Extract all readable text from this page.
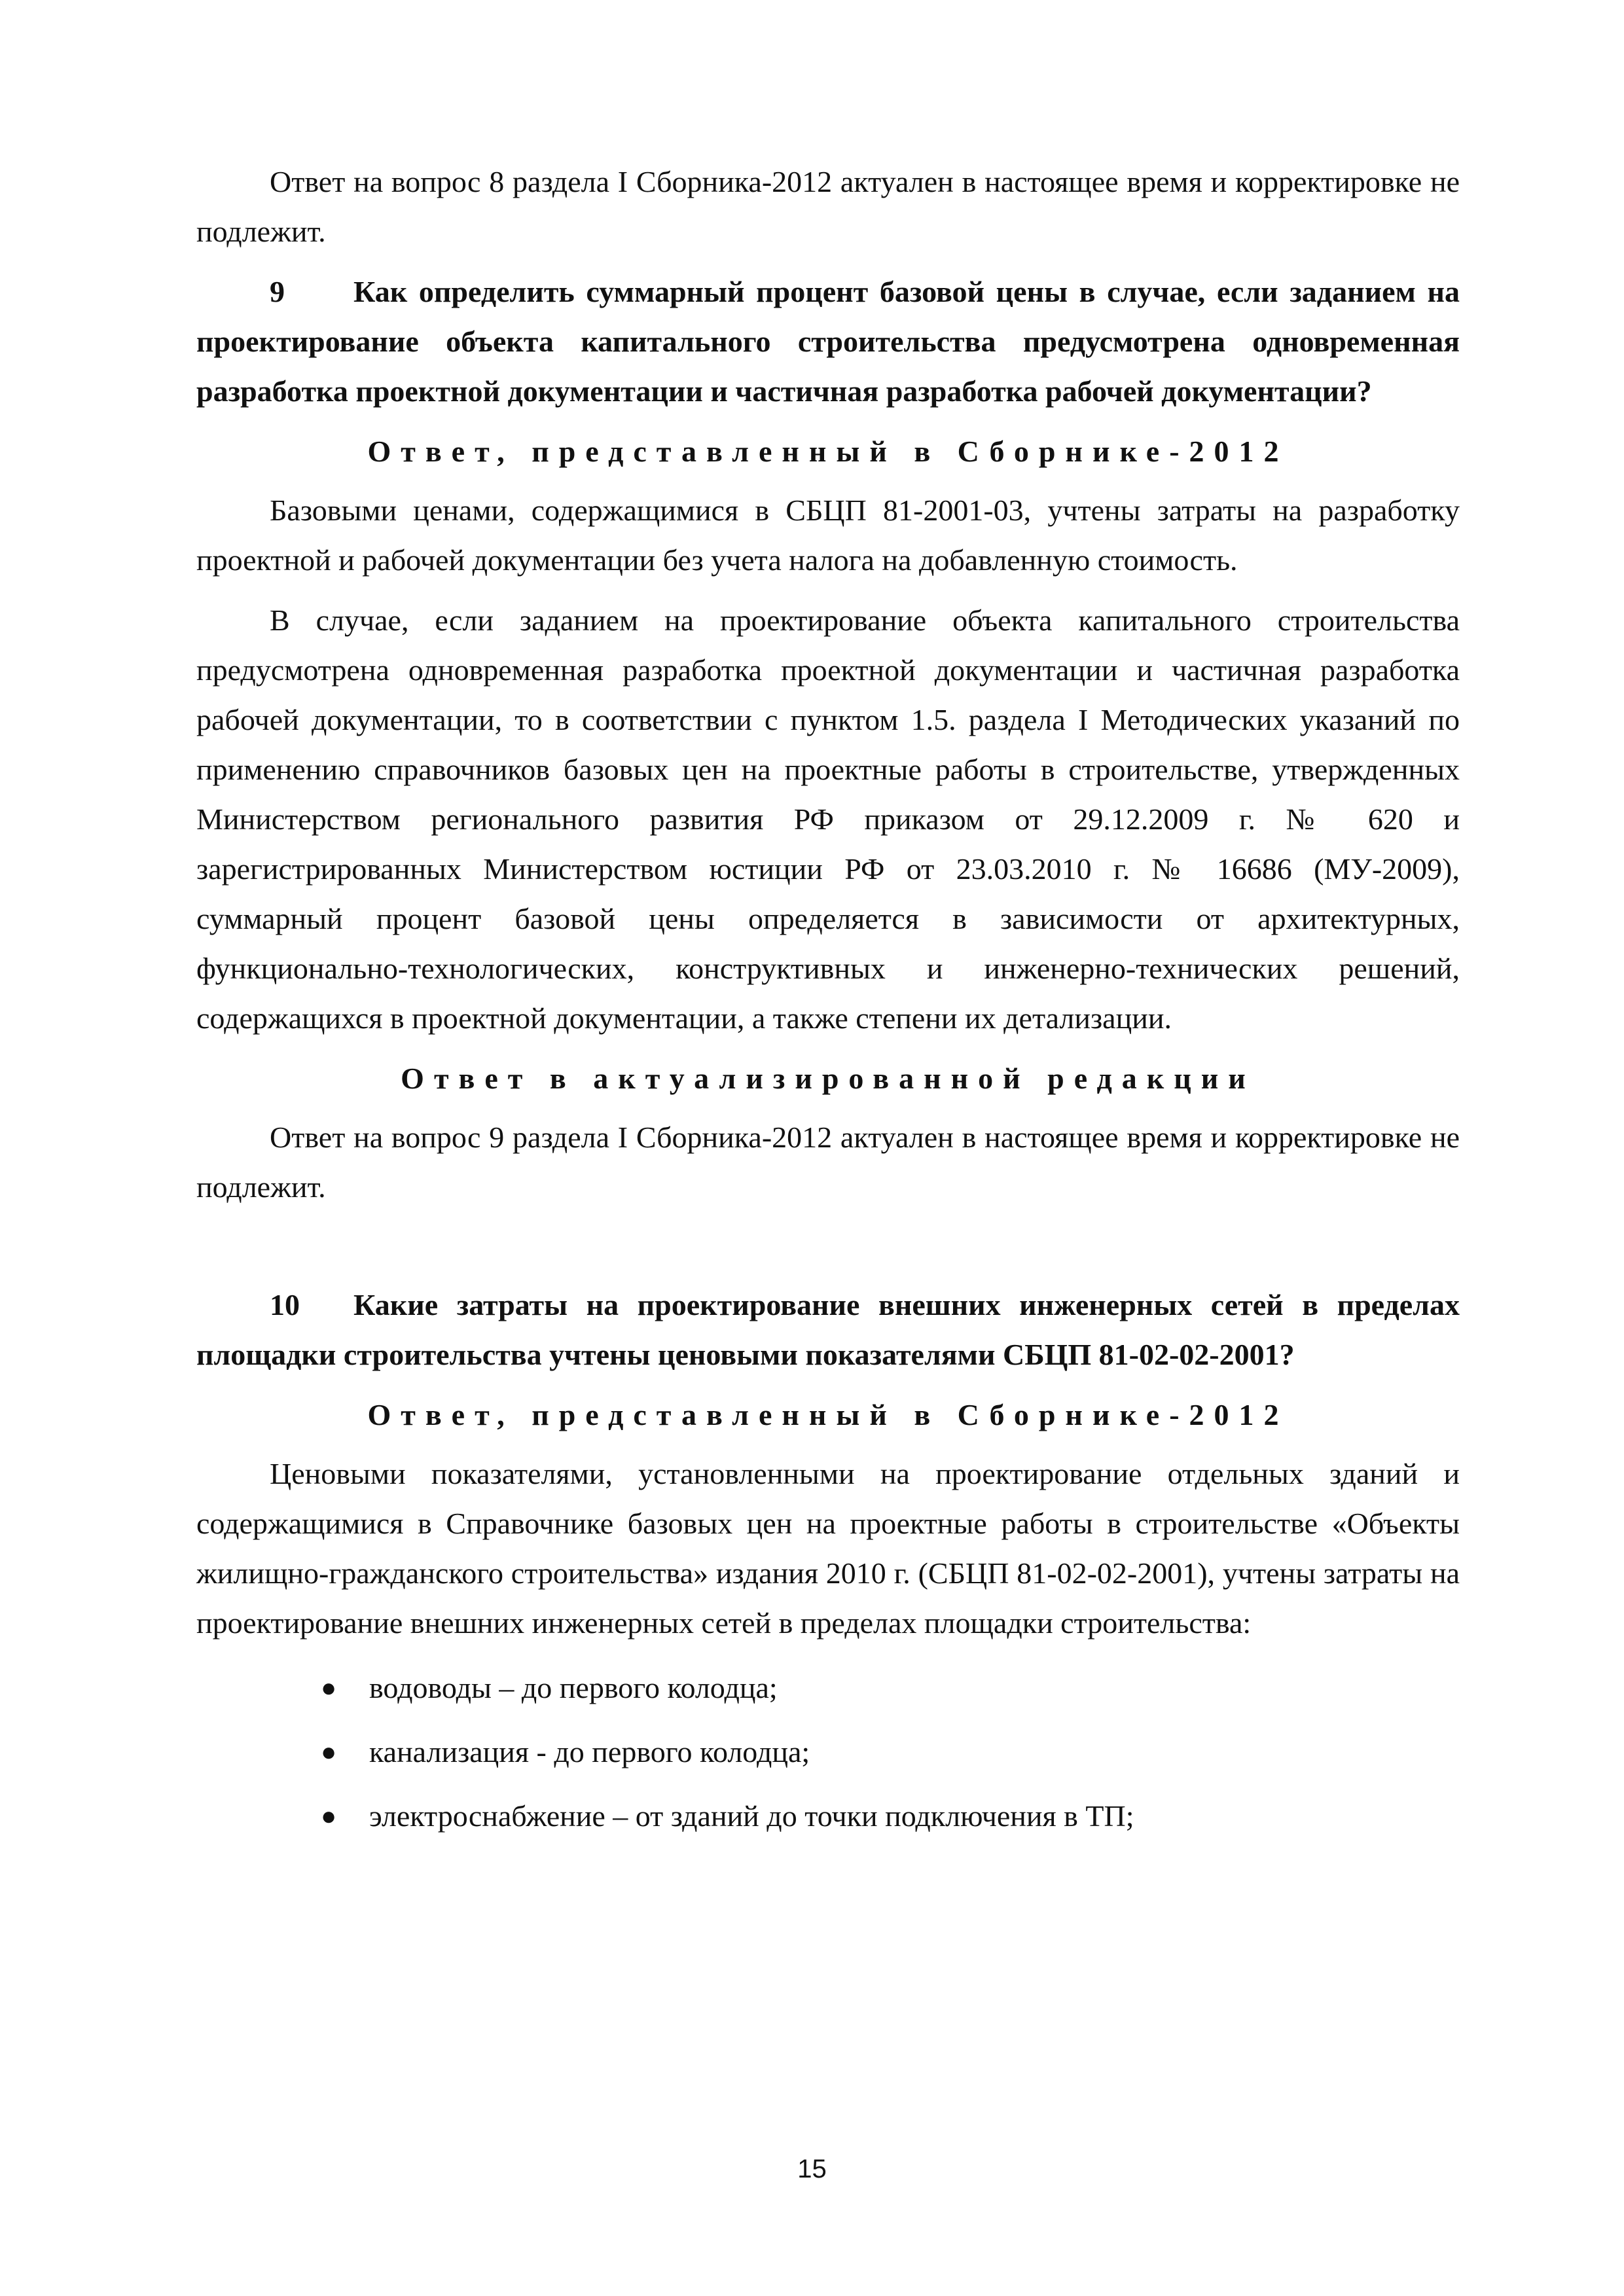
Ответ на вопрос 8 раздела I Сборника-2012 актуален в настоящее время и корректировке не подлежит.

9 Как определить суммарный процент базовой цены в случае, если заданием на проектирование объекта капитального строительства предусмотрена одновременная разработка проектной документации и частичная разработка рабочей документации?

Ответ, представленный в Сборнике-2012

Базовыми ценами, содержащимися в СБЦП 81-2001-03, учтены затраты на разработку проектной и рабочей документации без учета налога на добавленную стоимость.

В случае, если заданием на проектирование объекта капитального строительства предусмотрена одновременная разработка проектной документации и частичная разработка рабочей документации, то в соответствии с пунктом 1.5. раздела I Методических указаний по применению справочников базовых цен на проектные работы в строительстве, утвержденных Министерством регионального развития РФ приказом от 29.12.2009 г. № 620 и зарегистрированных Министерством юстиции РФ от 23.03.2010 г. № 16686 (МУ-2009), суммарный процент базовой цены определяется в зависимости от архитектурных, функционально-технологических, конструктивных и инженерно-технических решений, содержащихся в проектной документации, а также степени их детализации.

Ответ в актуализированной редакции

Ответ на вопрос 9 раздела I Сборника-2012 актуален в настоящее время и корректировке не подлежит.

10 Какие затраты на проектирование внешних инженерных сетей в пределах площадки строительства учтены ценовыми показателями СБЦП 81-02-02-2001?

Ответ, представленный в Сборнике-2012

Ценовыми показателями, установленными на проектирование отдельных зданий и содержащимися в Справочнике базовых цен на проектные работы в строительстве «Объекты жилищно-гражданского строительства» издания 2010 г. (СБЦП 81-02-02-2001), учтены затраты на проектирование внешних инженерных сетей в пределах площадки строительства:

● водоводы – до первого колодца;
● канализация - до первого колодца;
● электроснабжение – от зданий до точки подключения в ТП;
15
